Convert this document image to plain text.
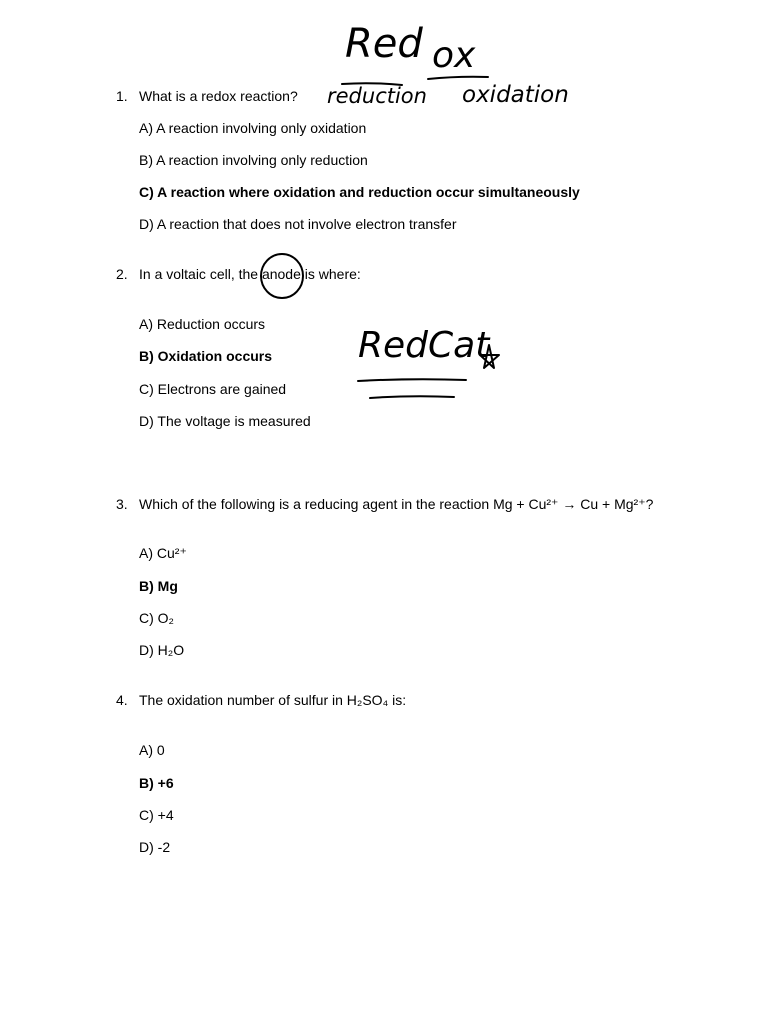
1. What is a redox reaction?
A) A reaction involving only oxidation
B) A reaction involving only reduction
C) A reaction where oxidation and reduction occur simultaneously
D) A reaction that does not involve electron transfer
2. In a voltaic cell, the anode is where:
A) Reduction occurs
B) Oxidation occurs
C) Electrons are gained
D) The voltage is measured
3. Which of the following is a reducing agent in the reaction Mg + Cu²⁺ → Cu + Mg²⁺?
A) Cu²⁺
B) Mg
C) O₂
D) H₂O
4. The oxidation number of sulfur in H₂SO₄ is:
A) 0
B) +6
C) +4
D) -2
Red ox
reduction oxidation
RedCat
